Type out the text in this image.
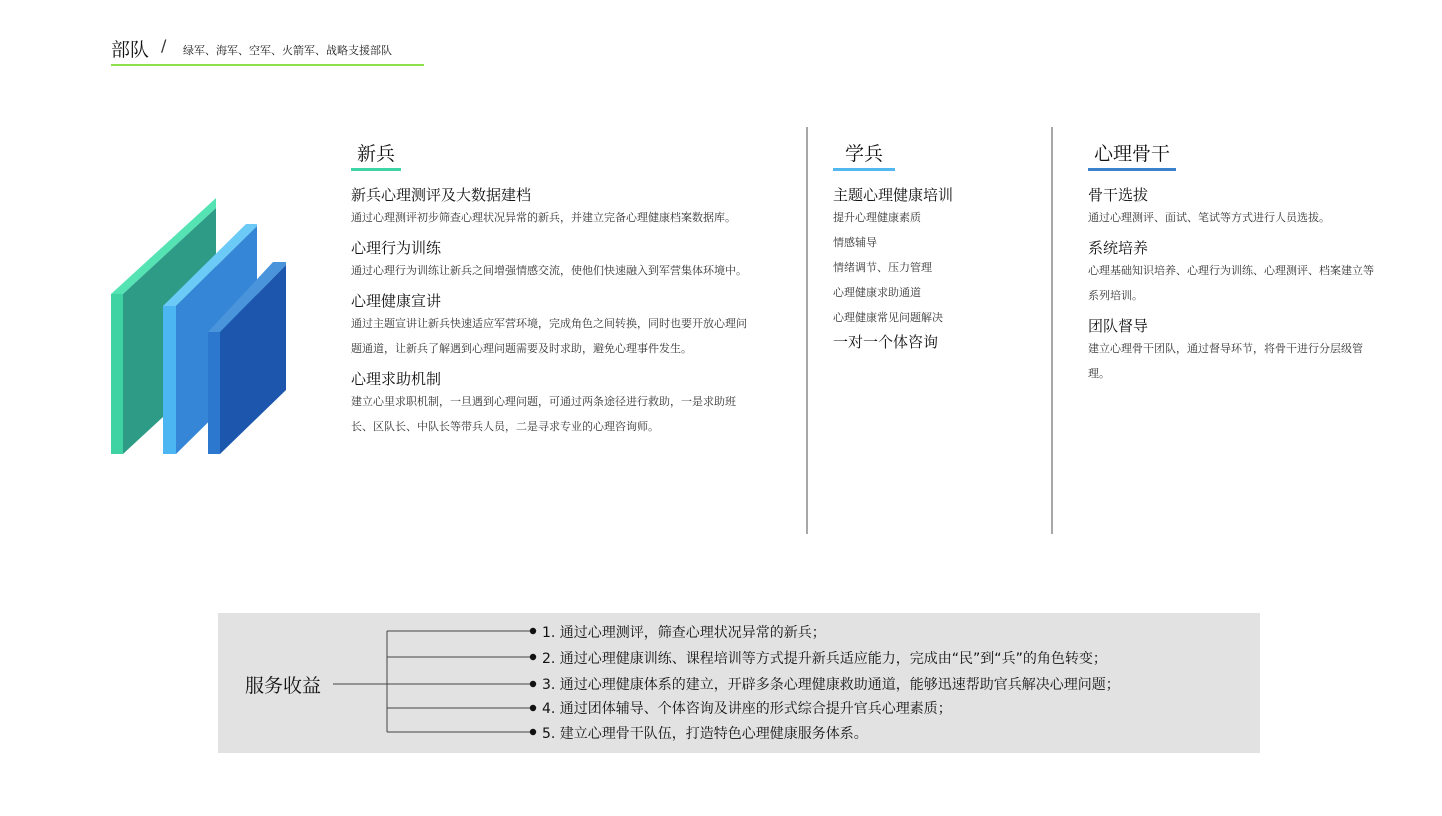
部队 / 绿军、海军、空军、火箭军、战略支援部队
新兵
新兵心理测评及大数据建档
通过心理测评初步筛查心理状况异常的新兵，并建立完备心理健康档案数据库。
心理行为训练
通过心理行为训练让新兵之间增强情感交流，使他们快速融入到军营集体环境中。
心理健康宣讲
通过主题宣讲让新兵快速适应军营环境，完成角色之间转换，同时也要开放心理问题通道，让新兵了解遇到心理问题需要及时求助，避免心理事件发生。
心理求助机制
建立心里求职机制，一旦遇到心理问题，可通过两条途径进行救助，一是求助班长、区队长、中队长等带兵人员，二是寻求专业的心理咨询师。
学兵
主题心理健康培训
提升心理健康素质
情感辅导
情绪调节、压力管理
心理健康求助通道
心理健康常见问题解决
一对一个体咨询
心理骨干
骨干选拔
通过心理测评、面试、笔试等方式进行人员选拔。
系统培养
心理基础知识培养、心理行为训练、心理测评、档案建立等系列培训。
团队督导
建立心理骨干团队，通过督导环节，将骨干进行分层级管理。
服务收益
1. 通过心理测评，筛查心理状况异常的新兵；
2. 通过心理健康训练、课程培训等方式提升新兵适应能力，完成由“民”到“兵”的角色转变；
3. 通过心理健康体系的建立，开辟多条心理健康救助通道，能够迅速帮助官兵解决心理问题；
4. 通过团体辅导、个体咨询及讲座的形式综合提升官兵心理素质；
5. 建立心理骨干队伍，打造特色心理健康服务体系。
